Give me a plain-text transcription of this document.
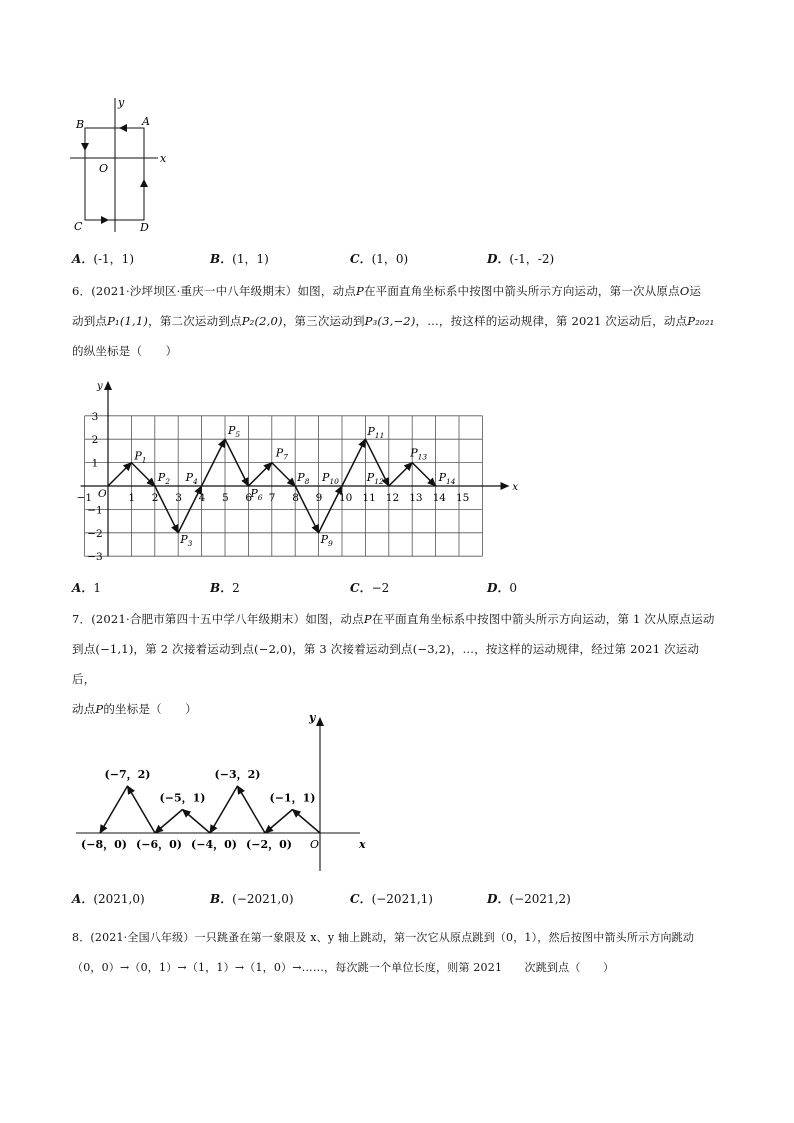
y
x
A
B
O
C	D
A．(-1，1)	B．(1，1)	C．(1，0)	D．(-1，-2)
6．(2021·沙坪坝区·重庆一中八年级期末）如图，动点P在平面直角坐标系中按图中箭头所示方向运动，第一次从原点O运
动到点P₁(1,1)，第二次运动到点P₂(2,0)，第三次运动到P₃(3,−2)，…，按这样的运动规律，第 2021 次运动后，动点P₂₀₂₁
的纵坐标是（　　）
x
y
−1 O 1 2 3 4 5 6 7 8 9 10 11 12 13 14 15
3
2
1
−1
−2
−3
$P_1$
$P_2$
$P_3$
$P_4$
$P_5$
$P_6$
$P_7$
$P_8$
$P_9$
$P_{10}$
$P_{11}$
$P_{12}$
$P_{13}$
$P_{14}$
A．1	B．2	C．−2	D．0
7．(2021·合肥市第四十五中学八年级期末）如图，动点P在平面直角坐标系中按图中箭头所示方向运动，第 1 次从原点运动
到点(−1,1)，第 2 次接着运动到点(−2,0)，第 3 次接着运动到点(−3,2)，…，按这样的运动规律，经过第 2021 次运动后，
动点P的坐标是（　　）
x
y
O
(−7，2)
(−5，1)
(−3，2)
(−1，1)
(−8，0) (−6，0) (−4，0) (−2，0)
A．(2021,0)	B．(−2021,0)	C．(−2021,1)	D．(−2021,2)
8．(2021·全国八年级）一只跳蚤在第一象限及 x、y 轴上跳动，第一次它从原点跳到（0，1），然后按图中箭头所示方向跳动
（0，0）→（0，1）→（1，1）→（1，0）→……，每次跳一个单位长度，则第 2021　　次跳到点（　　）
